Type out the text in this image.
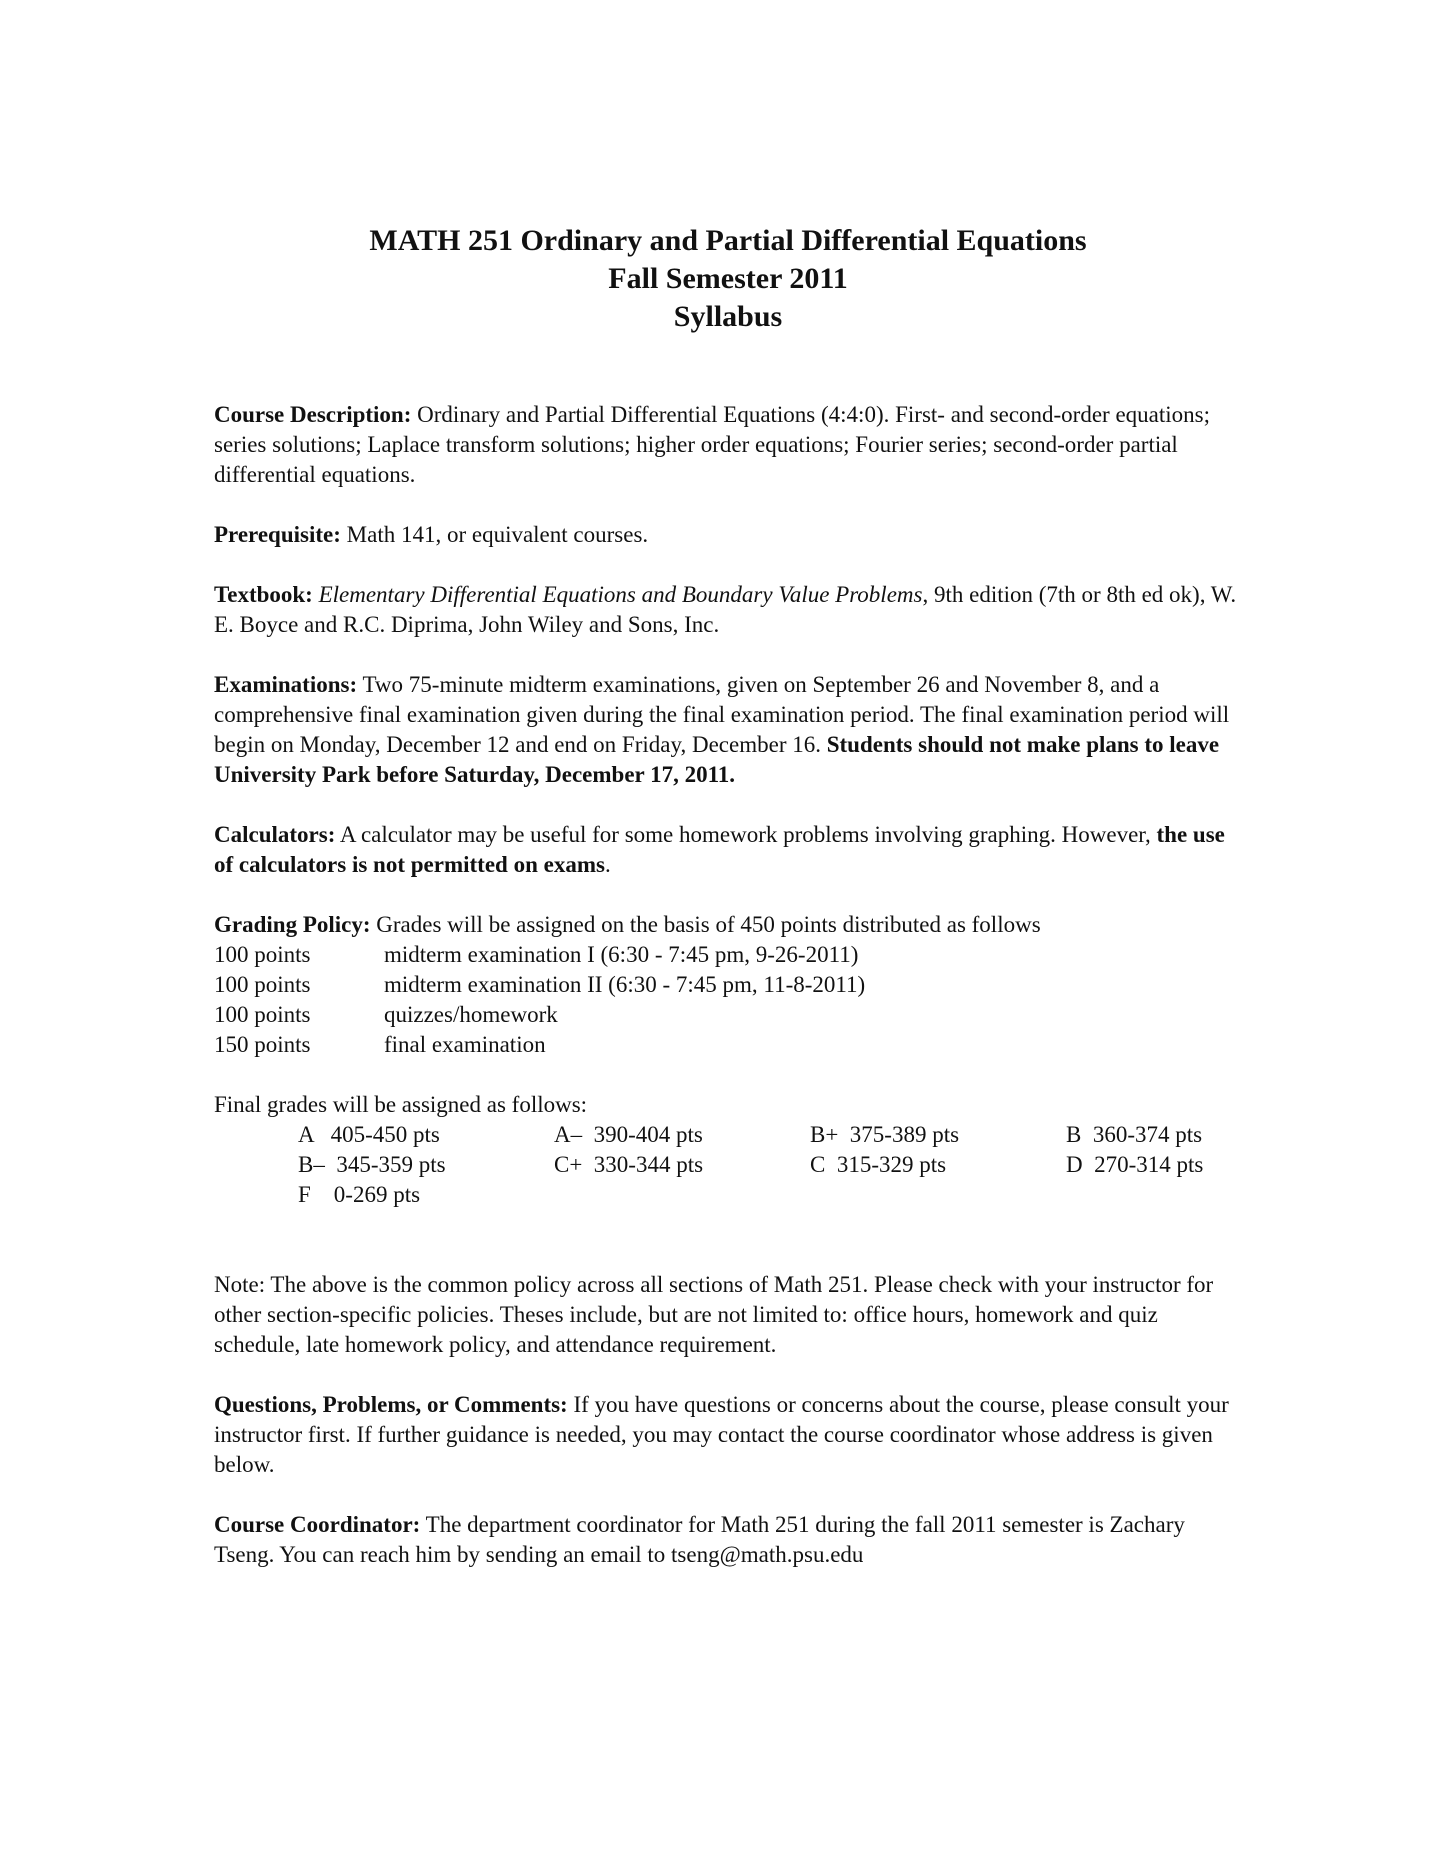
MATH 251 Ordinary and Partial Differential Equations

Fall Semester 2011

Syllabus

Course Description: Ordinary and Partial Differential Equations (4:4:0). First- and second-order equations; series solutions; Laplace transform solutions; higher order equations; Fourier series; second-order partial differential equations.

Prerequisite: Math 141, or equivalent courses.

Textbook: Elementary Differential Equations and Boundary Value Problems, 9th edition (7th or 8th ed ok), W. E. Boyce and R.C. Diprima, John Wiley and Sons, Inc.

Examinations: Two 75-minute midterm examinations, given on September 26 and November 8, and a comprehensive final examination given during the final examination period. The final examination period will begin on Monday, December 12 and end on Friday, December 16. Students should not make plans to leave University Park before Saturday, December 17, 2011.

Calculators: A calculator may be useful for some homework problems involving graphing. However, the use of calculators is not permitted on exams.

Grading Policy: Grades will be assigned on the basis of 450 points distributed as follows

100 points	midterm examination I (6:30 - 7:45 pm, 9-26-2011)
100 points	midterm examination II (6:30 - 7:45 pm, 11-8-2011)
100 points	quizzes/homework
150 points	final examination

Final grades will be assigned as follows:

A   405-450 pts	A–  390-404 pts	B+  375-389 pts	B  360-374 pts
B–  345-359 pts	C+  330-344 pts	C  315-329 pts	D  270-314 pts
F    0-269 pts

Note: The above is the common policy across all sections of Math 251. Please check with your instructor for other section-specific policies. Theses include, but are not limited to: office hours, homework and quiz schedule, late homework policy, and attendance requirement.

Questions, Problems, or Comments: If you have questions or concerns about the course, please consult your instructor first. If further guidance is needed, you may contact the course coordinator whose address is given below.

Course Coordinator: The department coordinator for Math 251 during the fall 2011 semester is Zachary Tseng. You can reach him by sending an email to tseng@math.psu.edu
